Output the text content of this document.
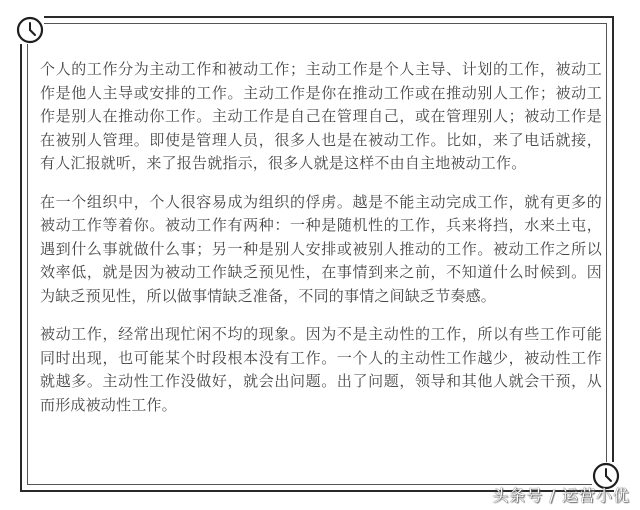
个人的工作分为主动工作和被动工作；主动工作是个人主导、计划的工作，被动工作是他人主导或安排的工作。主动工作是你在推动工作或在推动别人工作；被动工作是别人在推动你工作。主动工作是自己在管理自己，或在管理别人；被动工作是在被别人管理。即使是管理人员，很多人也是在被动工作。比如，来了电话就接，有人汇报就听，来了报告就指示，很多人就是这样不由自主地被动工作。

在一个组织中，个人很容易成为组织的俘虏。越是不能主动完成工作，就有更多的被动工作等着你。被动工作有两种：一种是随机性的工作，兵来将挡，水来土屯，遇到什么事就做什么事；另一种是别人安排或被别人推动的工作。被动工作之所以效率低，就是因为被动工作缺乏预见性，在事情到来之前，不知道什么时候到。因为缺乏预见性，所以做事情缺乏准备，不同的事情之间缺乏节奏感。

被动工作，经常出现忙闲不均的现象。因为不是主动性的工作，所以有些工作可能同时出现，也可能某个时段根本没有工作。一个人的主动性工作越少，被动性工作就越多。主动性工作没做好，就会出问题。出了问题，领导和其他人就会干预，从而形成被动性工作。

头条号 / 运营小优
